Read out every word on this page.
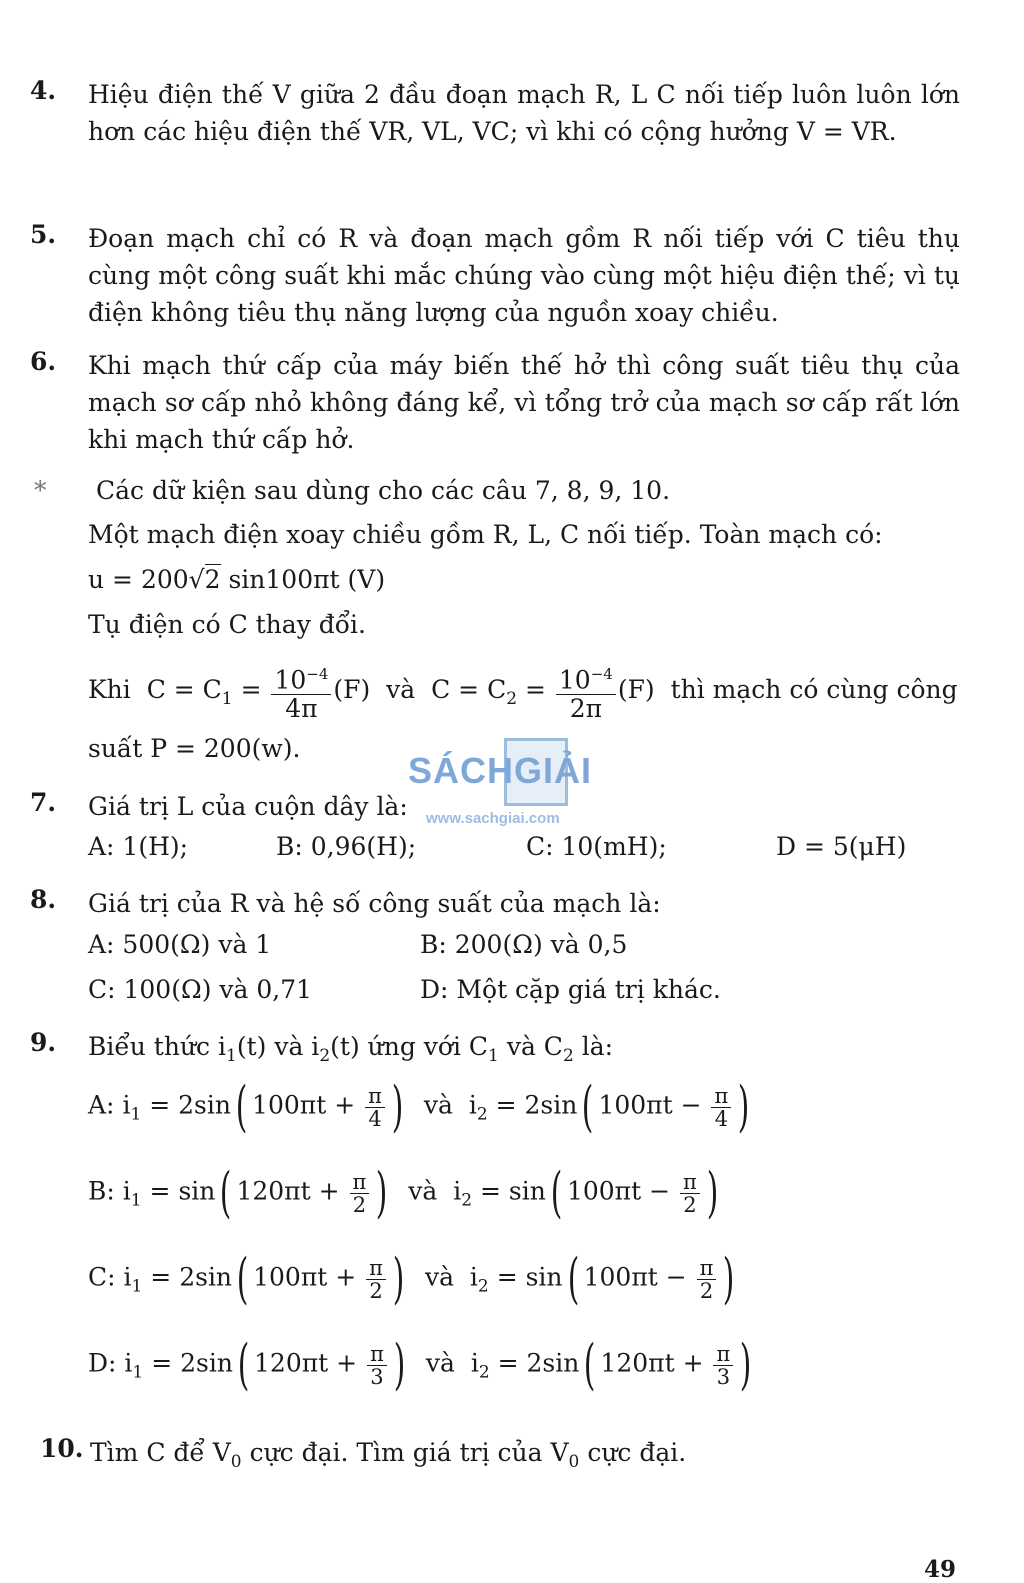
4.	Hiệu điện thế V giữa 2 đầu đoạn mạch R, L C nối tiếp luôn luôn lớn hơn các hiệu điện thế VR, VL, VC; vì khi có cộng hưởng V = VR.
5.	Đoạn mạch chỉ có R và đoạn mạch gồm R nối tiếp với C tiêu thụ cùng một công suất khi mắc chúng vào cùng một hiệu điện thế; vì tụ điện không tiêu thụ năng lượng của nguồn xoay chiều.
6.	Khi mạch thứ cấp của máy biến thế hở thì công suất tiêu thụ của mạch sơ cấp nhỏ không đáng kể, vì tổng trở của mạch sơ cấp rất lớn khi mạch thứ cấp hở.
* Các dữ kiện sau dùng cho các câu 7, 8, 9, 10.
Một mạch điện xoay chiều gồm R, L, C nối tiếp. Toàn mạch có:
u = 200√2 sin100πt (V)
Tụ điện có C thay đổi.
Khi $C = C_1 = \frac{10^{-4}}{4\pi} (F)$ và $C = C_2 = \frac{10^{-4}}{2\pi} (F)$ thì mạch có cùng công
suất P = 200(w).
SÁCHGIẢI
www.sachgiai.com
7.	Giá trị L của cuộn dây là:
A: 1(H);	B: 0,96(H);	C: 10(mH);	D = 5(μH)
8.	Giá trị của R và hệ số công suất của mạch là:
A: 500(Ω) và 1	B: 200(Ω) và 0,5
C: 100(Ω) và 0,71	D: Một cặp giá trị khác.
9.	Biểu thức $i_1(t)$ và $i_2(t)$ ứng với $C_1$ và $C_2$ là:
A: $i_1 = 2\sin$( $100\pi t + \frac{\pi}{4}$ ) và $i_2 = 2\sin$( $100\pi t - \frac{\pi}{4}$ )
B: $i_1 = \sin$( $120\pi t + \frac{\pi}{2}$ ) và $i_2 = \sin$( $100\pi t - \frac{\pi}{2}$ )
C: $i_1 = 2\sin$( $100\pi t + \frac{\pi}{2}$ ) và $i_2 = \sin$( $100\pi t - \frac{\pi}{2}$ )
D: $i_1 = 2\sin$( $120\pi t + \frac{\pi}{3}$ ) và $i_2 = 2\sin$( $120\pi t + \frac{\pi}{3}$ )
10. Tìm C để $V_0$ cực đại. Tìm giá trị của $V_0$ cực đại.
49
